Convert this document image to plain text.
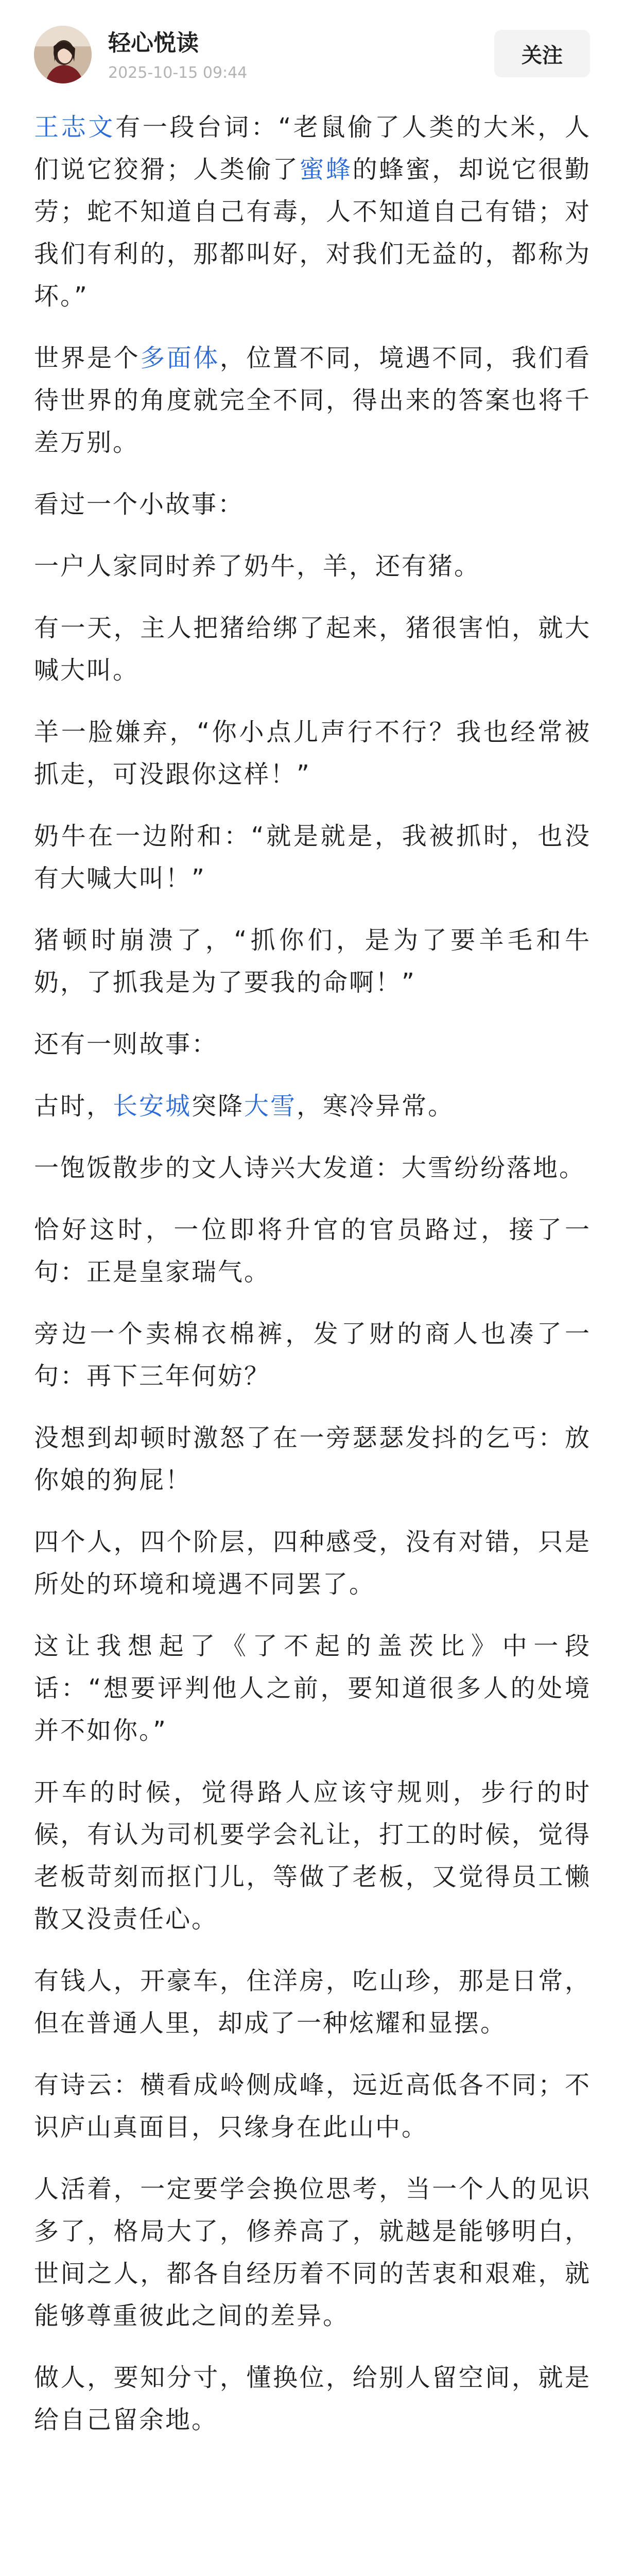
轻心悦读
2025-10-15 09:44
关注

王志文有一段台词：“老鼠偷了人类的大米，人们说它狡猾；人类偷了蜜蜂的蜂蜜，却说它很勤劳；蛇不知道自己有毒，人不知道自己有错；对我们有利的，那都叫好，对我们无益的，都称为坏。”

世界是个多面体，位置不同，境遇不同，我们看待世界的角度就完全不同，得出来的答案也将千差万别。

看过一个小故事：

一户人家同时养了奶牛，羊，还有猪。

有一天，主人把猪给绑了起来，猪很害怕，就大喊大叫。

羊一脸嫌弃，“你小点儿声行不行？我也经常被抓走，可没跟你这样！”

奶牛在一边附和：“就是就是，我被抓时，也没有大喊大叫！”

猪顿时崩溃了，“抓你们，是为了要羊毛和牛奶，了抓我是为了要我的命啊！”

还有一则故事：

古时，长安城突降大雪，寒冷异常。

一饱饭散步的文人诗兴大发道：大雪纷纷落地。

恰好这时，一位即将升官的官员路过，接了一句：正是皇家瑞气。

旁边一个卖棉衣棉裤，发了财的商人也凑了一句：再下三年何妨？

没想到却顿时激怒了在一旁瑟瑟发抖的乞丐：放你娘的狗屁！

四个人，四个阶层，四种感受，没有对错，只是所处的环境和境遇不同罢了。

这让我想起了《了不起的盖茨比》中一段话：“想要评判他人之前，要知道很多人的处境并不如你。”

开车的时候，觉得路人应该守规则，步行的时候，有认为司机要学会礼让，打工的时候，觉得老板苛刻而抠门儿，等做了老板，又觉得员工懒散又没责任心。

有钱人，开豪车，住洋房，吃山珍，那是日常，但在普通人里，却成了一种炫耀和显摆。

有诗云：横看成岭侧成峰，远近高低各不同；不识庐山真面目，只缘身在此山中。

人活着，一定要学会换位思考，当一个人的见识多了，格局大了，修养高了，就越是能够明白，世间之人，都各自经历着不同的苦衷和艰难，就能够尊重彼此之间的差异。

做人，要知分寸，懂换位，给别人留空间，就是给自己留余地。
